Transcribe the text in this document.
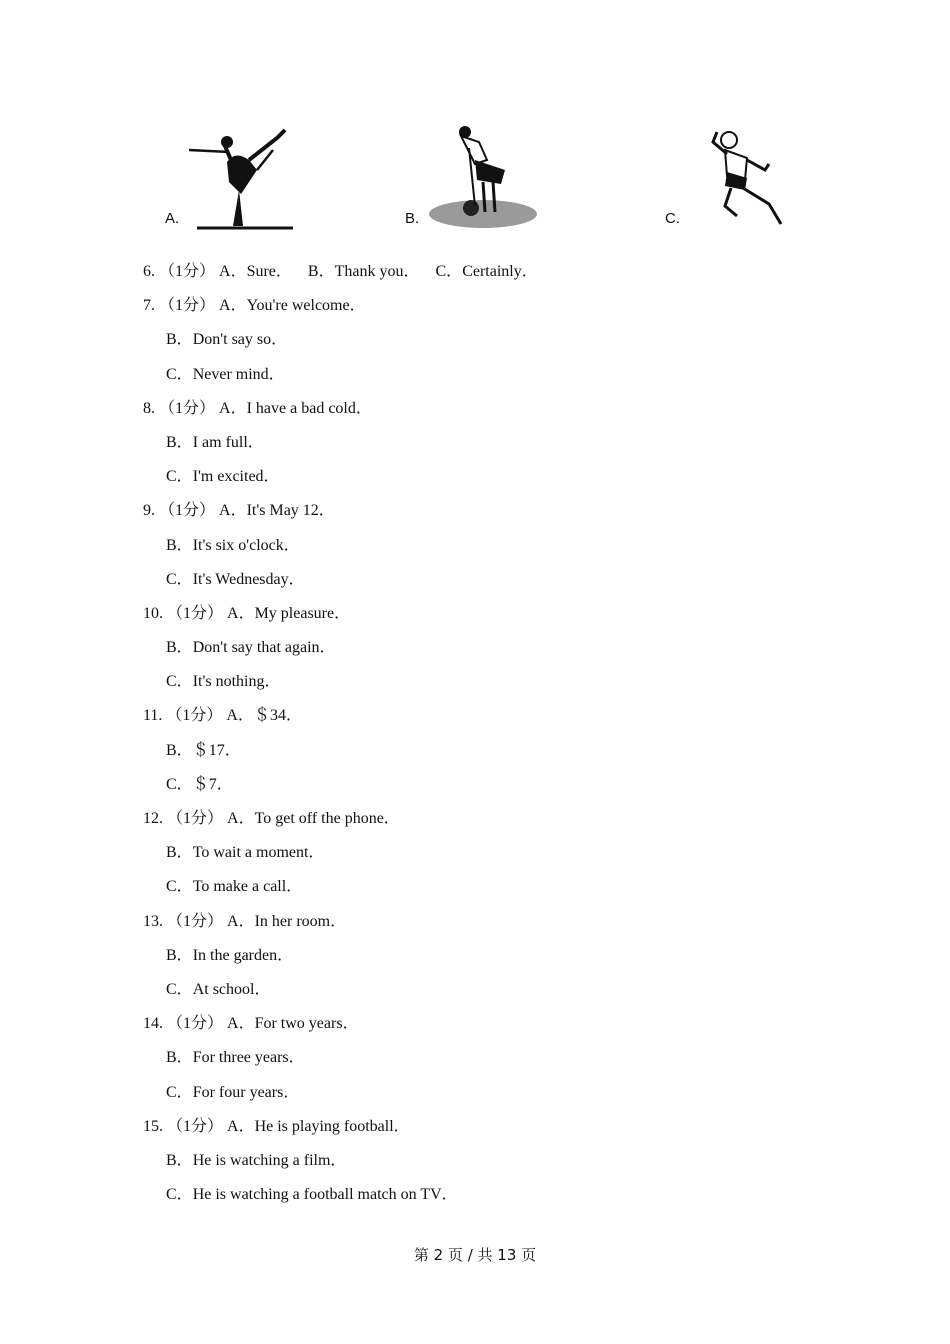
A.	B.	C.
6. （1分） A．Sure． B．Thank you． C．Certainly．
7. （1分） A．You're welcome．
B．Don't say so．
C．Never mind．
8. （1分） A．I have a bad cold．
B．I am full．
C．I'm excited．
9. （1分） A．It's May 12．
B．It's six o'clock．
C．It's Wednesday．
10. （1分） A．My pleasure．
B．Don't say that again．
C．It's nothing．
11. （1分） A．＄34．
B．＄17．
C．＄7．
12. （1分） A．To get off the phone．
B．To wait a moment．
C．To make a call．
13. （1分） A．In her room．
B．In the garden．
C．At school．
14. （1分） A．For two years．
B．For three years．
C．For four years．
15. （1分） A．He is playing football．
B．He is watching a film．
C．He is watching a football match on TV．
第 2 页 / 共 13 页
